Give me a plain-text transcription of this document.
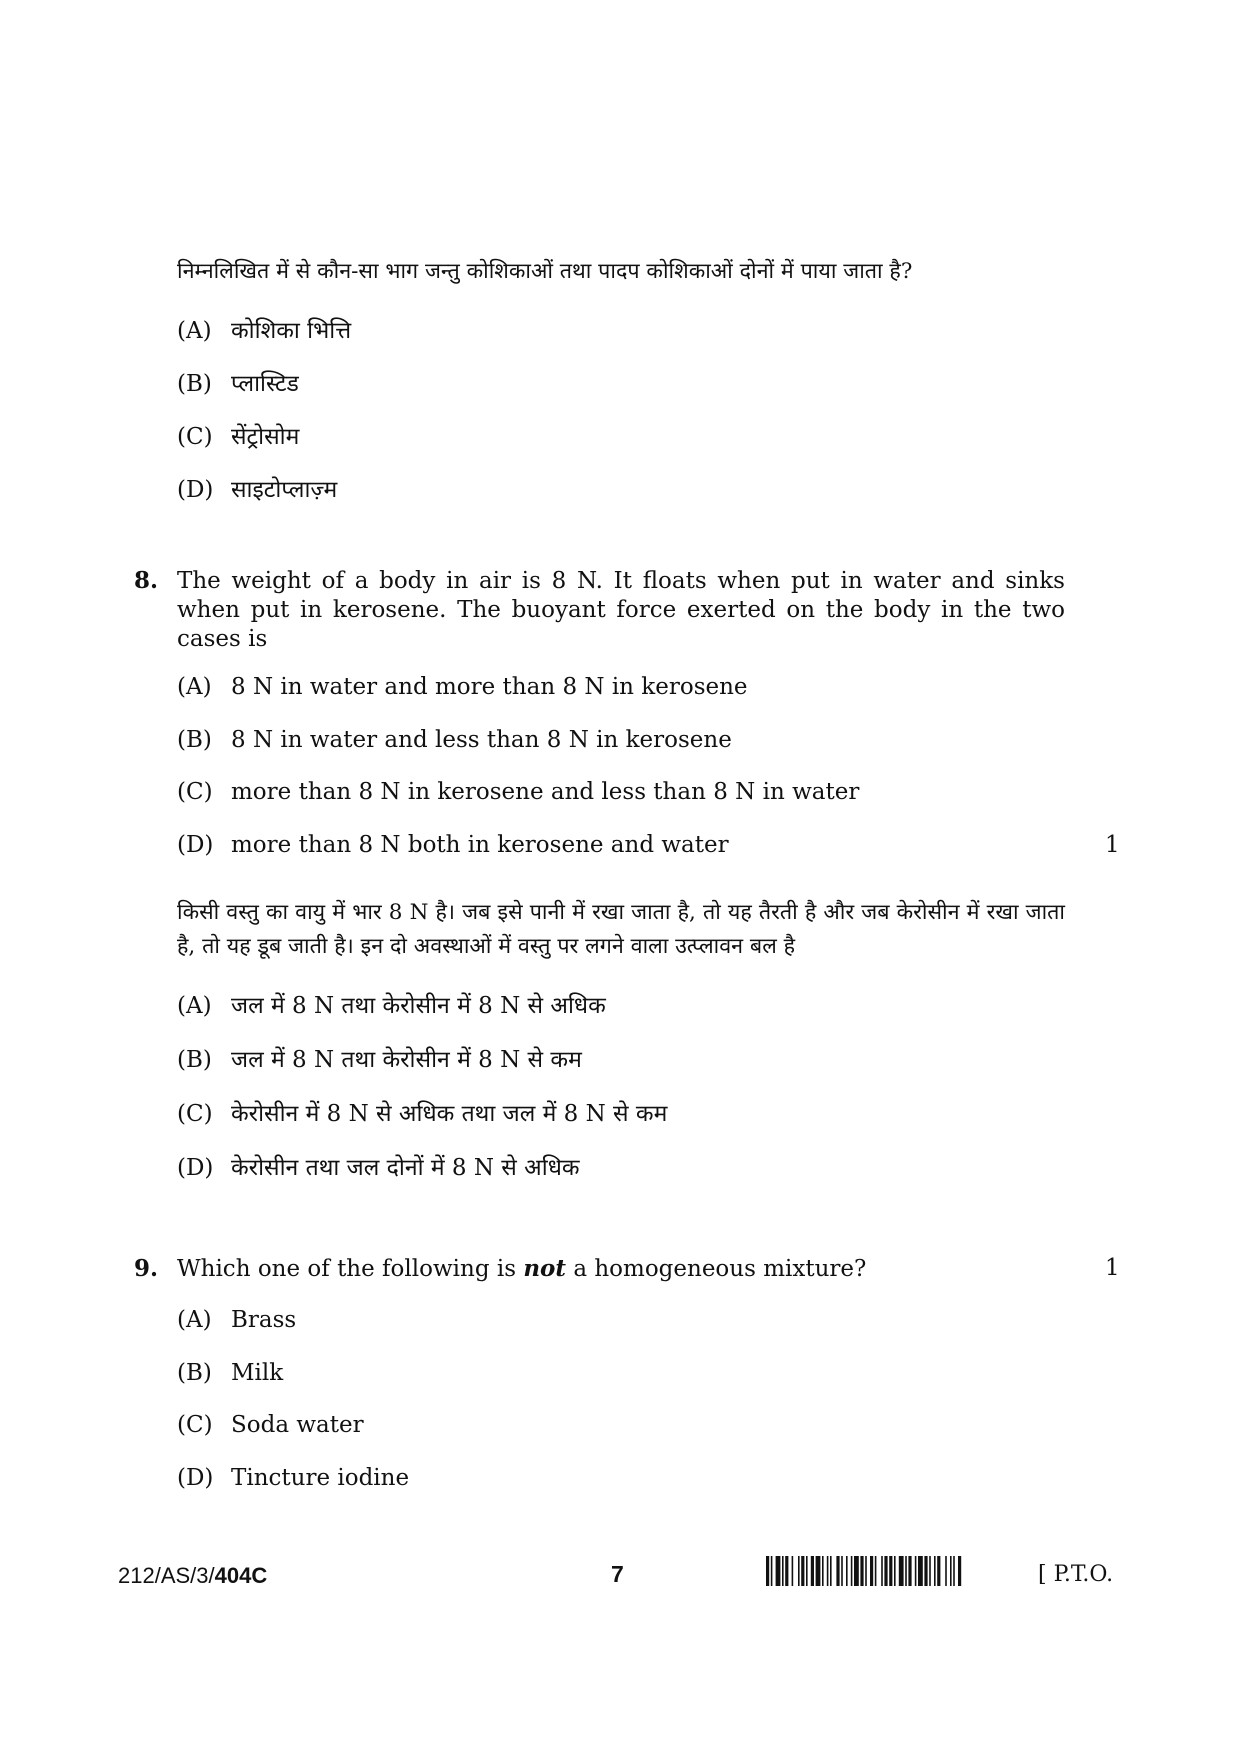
निम्नलिखित में से कौन-सा भाग जन्तु कोशिकाओं तथा पादप कोशिकाओं दोनों में पाया जाता है?
(A) कोशिका भित्ति
(B) प्लास्टिड
(C) सेंट्रोसोम
(D) साइटोप्लाज़्म
8. The weight of a body in air is 8 N. It floats when put in water and sinks when put in kerosene. The buoyant force exerted on the body in the two cases is
(A) 8 N in water and more than 8 N in kerosene
(B) 8 N in water and less than 8 N in kerosene
(C) more than 8 N in kerosene and less than 8 N in water
(D) more than 8 N both in kerosene and water	1
किसी वस्तु का वायु में भार 8 N है। जब इसे पानी में रखा जाता है, तो यह तैरती है और जब केरोसीन में रखा जाता है, तो यह डूब जाती है। इन दो अवस्थाओं में वस्तु पर लगने वाला उत्प्लावन बल है
(A) जल में 8 N तथा केरोसीन में 8 N से अधिक
(B) जल में 8 N तथा केरोसीन में 8 N से कम
(C) केरोसीन में 8 N से अधिक तथा जल में 8 N से कम
(D) केरोसीन तथा जल दोनों में 8 N से अधिक
9. Which one of the following is not a homogeneous mixture?	1
(A) Brass
(B) Milk
(C) Soda water
(D) Tincture iodine
212/AS/3/404C	7	[ P.T.O.
